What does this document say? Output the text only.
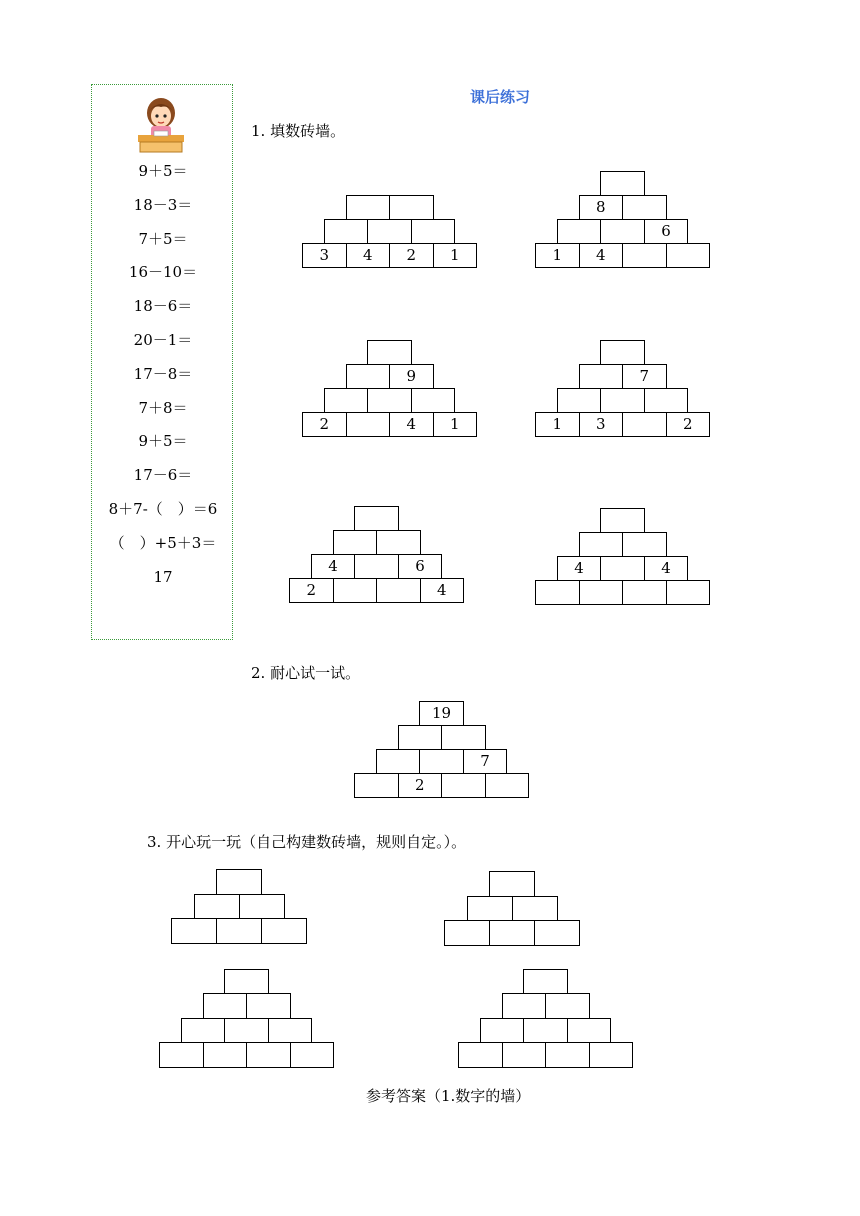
9＋5＝
18－3＝
7＋5＝
16－10＝
18－6＝
20－1＝
17－8＝
7＋8＝
9＋5＝
17－6＝
8＋7-（　）＝6
（　）+5＋3＝
17
课后练习
1. 填数砖墙。
3	4	2	1
8
6
1	4
9
2	4	1
7
1	3	2
4	6
2	4
4	4
2. 耐心试一试。
19
7
2
3. 开心玩一玩（自己构建数砖墙，规则自定。）。
参考答案（1.数字的墙）
